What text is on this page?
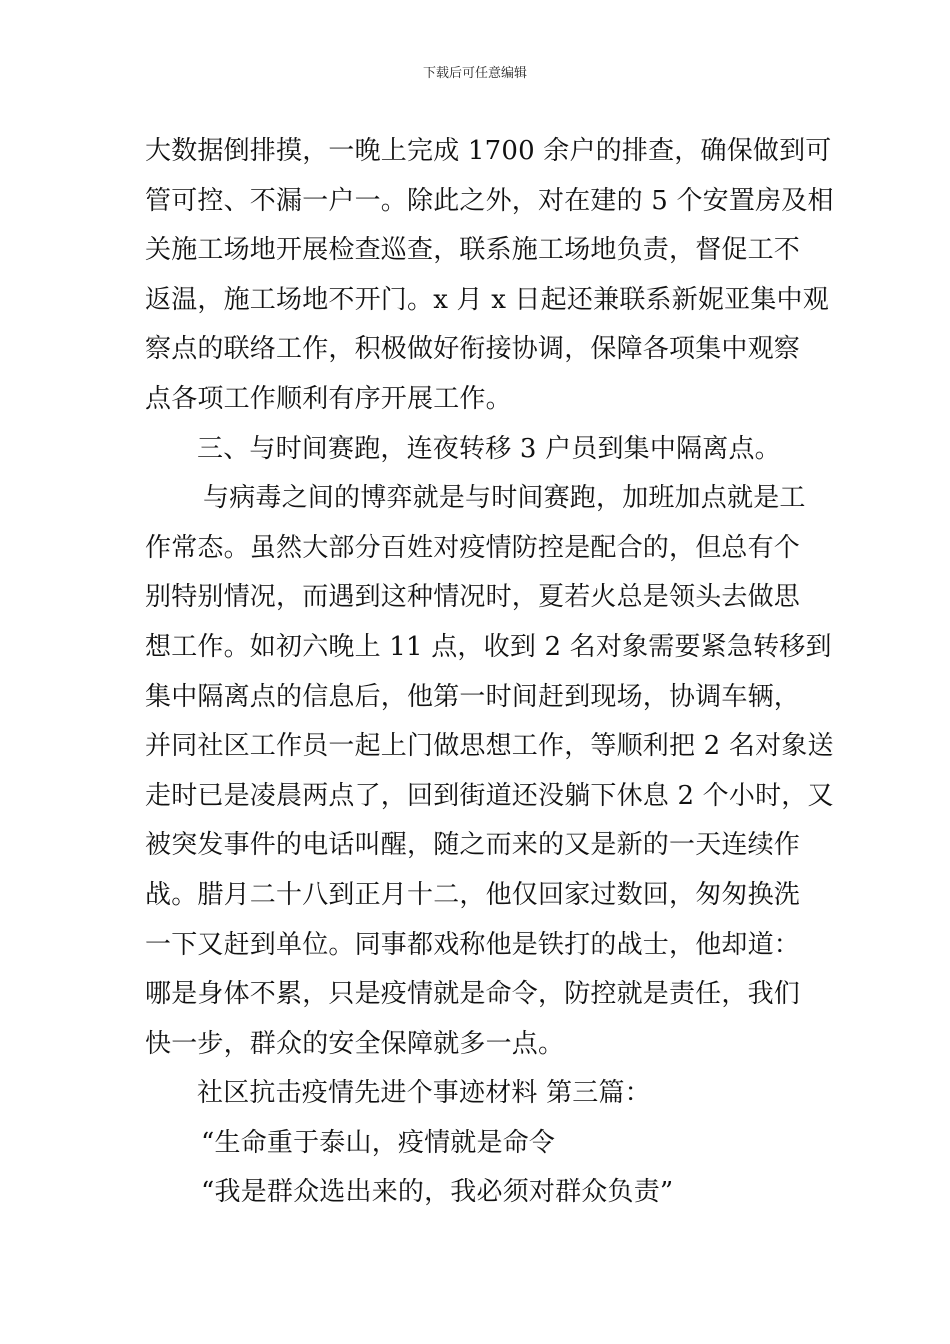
下载后可任意编辑
大数据倒排摸，一晚上完成 1700 余户的排查，确保做到可
管可控、不漏一户一。除此之外，对在建的 5 个安置房及相
关施工场地开展检查巡查，联系施工场地负责，督促工不
返温，施工场地不开门。x 月 x 日起还兼联系新妮亚集中观
察点的联络工作，积极做好衔接协调，保障各项集中观察
点各项工作顺利有序开展工作。
三、与时间赛跑，连夜转移 3 户员到集中隔离点。
与病毒之间的博弈就是与时间赛跑，加班加点就是工
作常态。虽然大部分百姓对疫情防控是配合的，但总有个
别特别情况，而遇到这种情况时，夏若火总是领头去做思
想工作。如初六晚上 11 点，收到 2 名对象需要紧急转移到
集中隔离点的信息后，他第一时间赶到现场，协调车辆，
并同社区工作员一起上门做思想工作，等顺利把 2 名对象送
走时已是凌晨两点了，回到街道还没躺下休息 2 个小时，又
被突发事件的电话叫醒，随之而来的又是新的一天连续作
战。腊月二十八到正月十二，他仅回家过数回，匆匆换洗
一下又赶到单位。同事都戏称他是铁打的战士，他却道：
哪是身体不累，只是疫情就是命令，防控就是责任，我们
快一步，群众的安全保障就多一点。
社区抗击疫情先进个事迹材料 第三篇：
“生命重于泰山，疫情就是命令
“我是群众选出来的，我必须对群众负责”
